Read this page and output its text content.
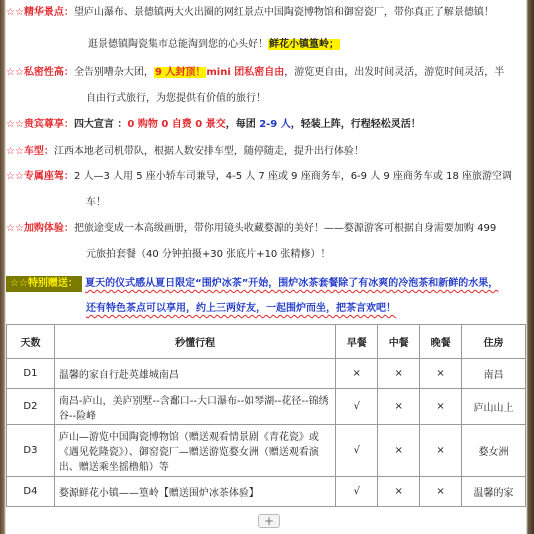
☆☆精华景点：望庐山瀑布、景德镇两大火出圈的网红景点中国陶瓷博物馆和御窑瓷厂，带你真正了解景德镇！
逛景德镇陶瓷集市总能淘到您的心头好！鲜花小镇篁岭；
☆☆私密性高：全告别嘈杂大团，9 人封顶！mini 团私密自由，游览更自由，出发时间灵活，游览时间灵活，半
自由行式旅行，为您提供有价值的旅行！
☆☆贵宾尊享：四大宣言 ：0 购物 0 自费 0 景交，每团 2-9 人，轻装上阵，行程轻松灵活！
☆☆车型：江西本地老司机带队，根据人数安排车型，随停随走，提升出行体验！
☆☆专属座驾：2 人—3 人用 5 座小轿车司兼导，4-5 人 7 座或 9 座商务车，6-9 人 9 座商务车或 18 座旅游空调
车！
☆☆加购体验：把旅途变成一本高级画册，带你用镜头收藏婺源的美好！——婺源游客可根据自身需要加购 499
元旅拍套餐（40 分钟拍摄+30 张底片+10 张精修）！
☆☆特别赠送： 夏天的仪式感从夏日限定“围炉冰茶”开始，围炉冰茶套餐除了有冰爽的冷泡茶和新鲜的水果，
还有特色茶点可以享用，约上三两好友，一起围炉而坐，把茶言欢吧！
天数	秒懂行程	早餐	中餐	晚餐	住房
D1	温馨的家自行赴英雄城南昌	×	×	×	南昌
D2	南昌-庐山，美庐别墅--含鄱口--大口瀑布--如琴湖--花径--锦绣谷--险峰	√	×	×	庐山山上
D3	庐山—游览中国陶瓷博物馆（赠送观看情景剧《青花瓷》或《遇见乾隆瓷》）、御窑瓷厂—赠送游览婺女洲（赠送观看演出、赠送乘坐摇橹船）等	√	×	×	婺女洲
D4	婺源鲜花小镇——篁岭【赠送围炉冰茶体验】	√	×	×	温馨的家
+
